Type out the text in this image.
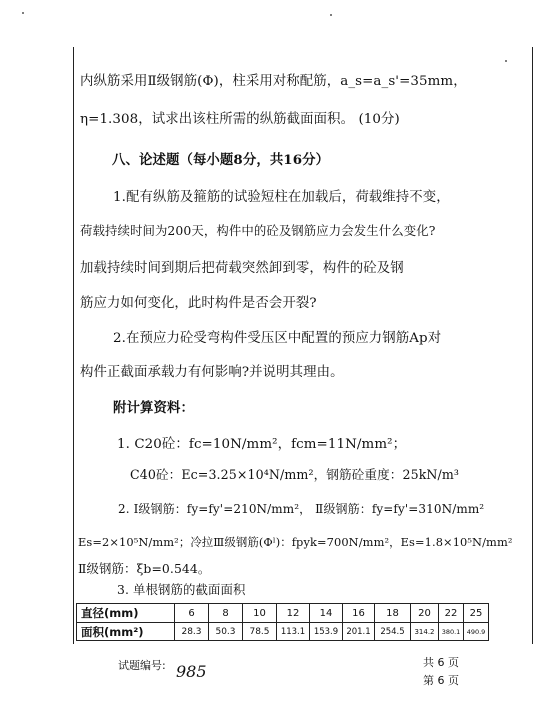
内纵筋采用Ⅱ级钢筋(Φ)，柱采用对称配筋，a_s=a_s'=35mm，
η=1.308，试求出该柱所需的纵筋截面面积。 (10分)
八、论述题（每小题8分，共16分）
1.配有纵筋及箍筋的试验短柱在加载后，荷载维持不变，
荷载持续时间为200天，构件中的砼及钢筋应力会发生什么变化?
加载持续时间到期后把荷载突然卸到零，构件的砼及钢
筋应力如何变化，此时构件是否会开裂?
2.在预应力砼受弯构件受压区中配置的预应力钢筋Ap对
构件正截面承载力有何影响?并说明其理由。
附计算资料：
1. C20砼：fc=10N/mm²，fcm=11N/mm²；
C40砼：Ec=3.25×10⁴N/mm²，钢筋砼重度：25kN/m³
2. Ⅰ级钢筋：fy=fy'=210N/mm²， Ⅱ级钢筋：fy=fy'=310N/mm²
Es=2×10⁵N/mm²；冷拉Ⅲ级钢筋(Φˡ)：fpyk=700N/mm²，Es=1.8×10⁵N/mm²
Ⅱ级钢筋：ξb=0.544。
3. 单根钢筋的截面面积
直径(mm)	6	8	10	12	14	16	18	20	22	25
面积(mm²)	28.3	50.3	78.5	113.1	153.9	201.1	254.5	314.2	380.1	490.9
试题编号: 985	共 6 页
第 6 页
